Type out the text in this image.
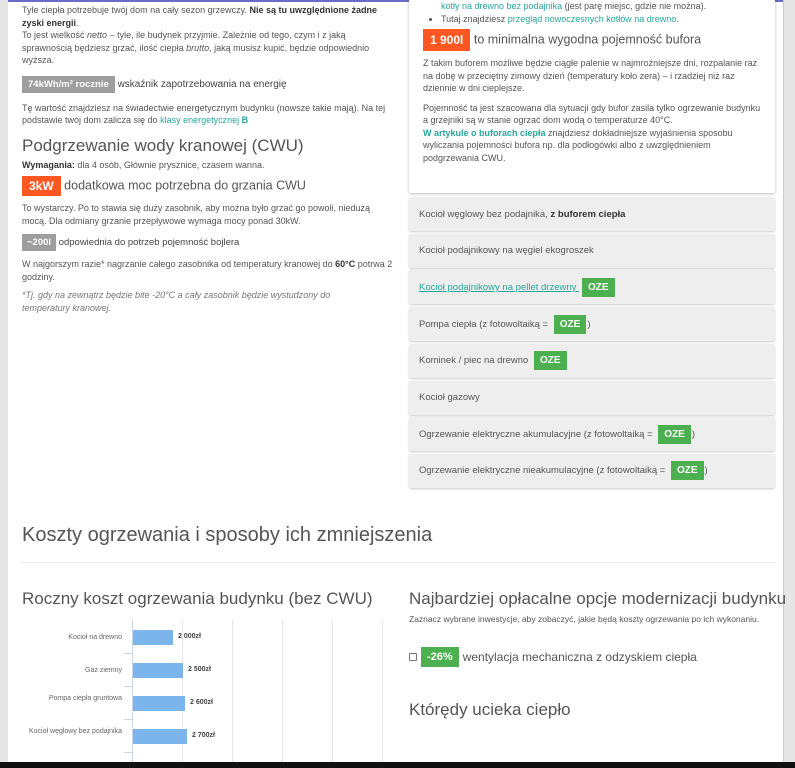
Tyle ciepła potrzebuje twój dom na cały sezon grzewczy. Nie są tu uwzględnione żadne zyski energii.
To jest wielkość netto – tyle, ile budynek przyjmie. Zależnie od tego, czym i z jaką sprawnością będziesz grzać, ilość ciepła brutto, jaką musisz kupić, będzie odpowiednio wyższa.

74kWh/m² rocznie wskaźnik zapotrzebowania na energię

Tę wartość znajdziesz na świadectwie energetycznym budynku (nowsze takie mają). Na tej podstawie twój dom zalicza się do klasy energetycznej B

Podgrzewanie wody kranowej (CWU)

Wymagania: dla 4 osób, Głównie prysznice, czasem wanna.

3kW dodatkowa moc potrzebna do grzania CWU

To wystarczy. Po to stawia się duży zasobnik, aby można było grzać go powoli, niedużą mocą. Dla odmiany grzanie przepływowe wymaga mocy ponad 30kW.

~200l odpowiednia do potrzeb pojemność bojlera

W najgorszym razie* nagrzanie całego zasobnika od temperatury kranowej do 60°C potrwa 2 godziny.

*Tj. gdy na zewnątrz będzie bite -20°C a cały zasobnik będzie wystudzony do temperatury kranowej.

kotły na drewno bez podajnika (jest parę miejsc, gdzie nie można).
• Tutaj znajdziesz przegląd nowoczesnych kotłów na drewno.
1 900l to minimalna wygodna pojemność bufora

Z takim buforem możliwe będzie ciągłe palenie w najmroźniejsze dni, rozpalanie raz na dobę w przeciętny zimowy dzień (temperatury koło zera) – i rzadziej niż raz dziennie w dni cieplejsze.

Pojemność ta jest szacowana dla sytuacji gdy bufor zasila tylko ogrzewanie budynku a grzejniki są w stanie ogrzać dom wodą o temperaturze 40°C.
W artykule o buforach ciepła znajdziesz dokładniejsze wyjaśnienia sposobu wyliczania pojemności bufora np. dla podłogówki albo z uwzględnieniem podgrzewania CWU.

Kocioł węglowy bez podajnika, z buforem ciepła
Kocioł podajnikowy na węgiel ekogroszek
Kocioł podajnikowy na pellet drzewny OZE
Pompa ciepła (z fotowoltaiką = OZE )
Kominek / piec na drewno OZE
Kocioł gazowy
Ogrzewanie elektryczne akumulacyjne (z fotowoltaiką = OZE )
Ogrzewanie elektryczne nieakumulacyjne (z fotowoltaiką = OZE )
Koszty ogrzewania i sposoby ich zmniejszenia
Roczny koszt ogrzewania budynku (bez CWU)
Kocioł na drewno	2 000zł
Gaz ziemny	2 500zł
Pompa ciepła gruntowa	2 600zł
Kocioł węglowy bez podajnika	2 700zł
Najbardziej opłacalne opcje modernizacji budynku

Zaznacz wybrane inwestycje, aby zobaczyć, jakie będą koszty ogrzewania po ich wykonaniu.

-26% wentylacja mechaniczna z odzyskiem ciepła
Którędy ucieka ciepło
